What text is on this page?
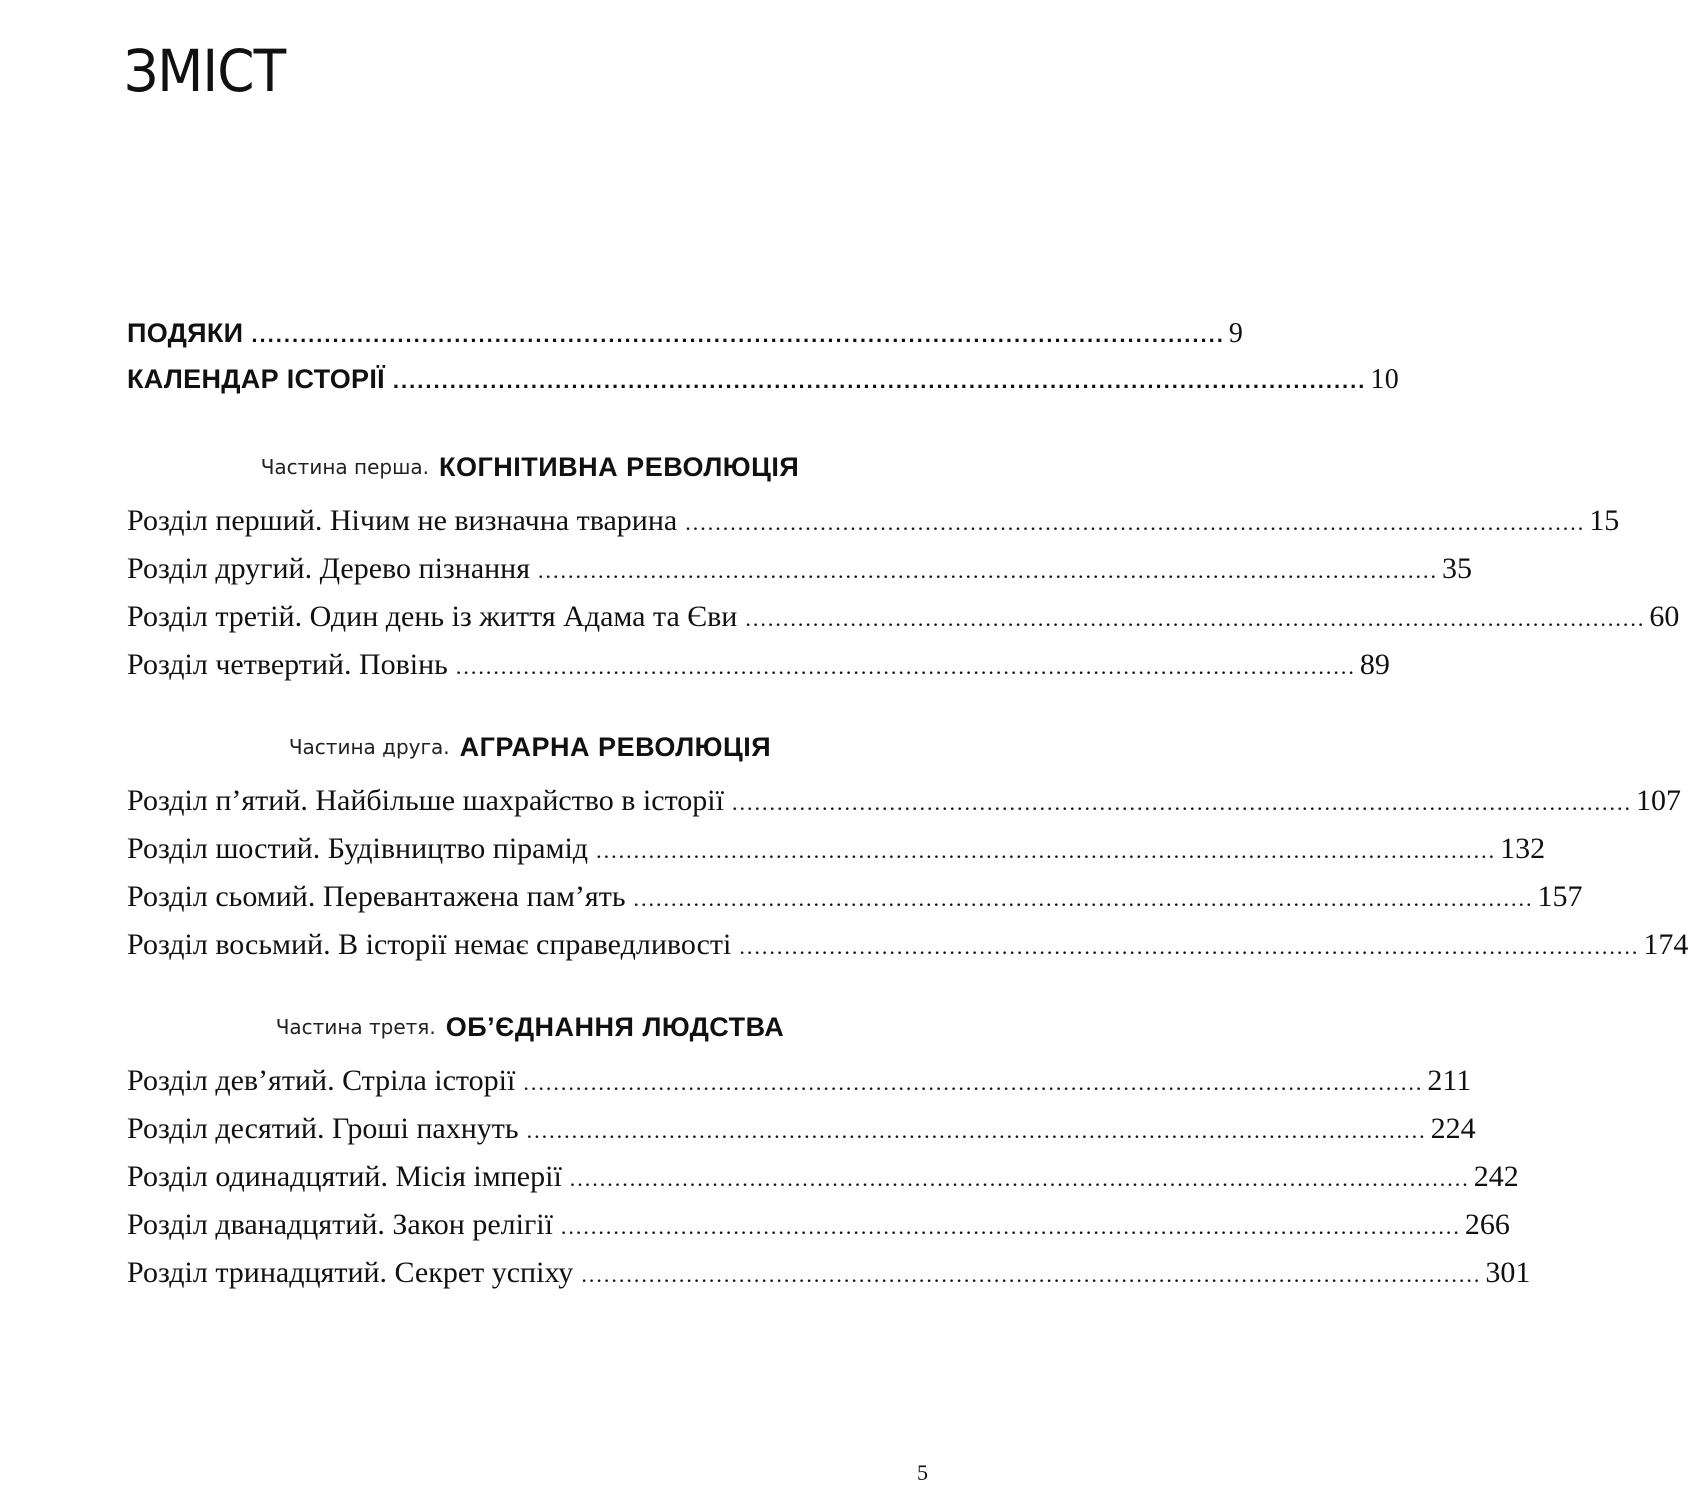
ЗМІСТ
ПОДЯКИ ........................................................................................................................ 9
КАЛЕНДАР ІСТОРІЇ ........................................................................................................................ 10
Частина перша. КОГНІТИВНА РЕВОЛЮЦІЯ
Розділ перший. Нічим не визначна тварина ........................................................................................................................ 15
Розділ другий. Дерево пізнання ........................................................................................................................ 35
Розділ третій. Один день із життя Адама та Єви ........................................................................................................................ 60
Розділ четвертий. Повінь ........................................................................................................................ 89
Частина друга. АГРАРНА РЕВОЛЮЦІЯ
Розділ п’ятий. Найбільше шахрайство в історії ........................................................................................................................ 107
Розділ шостий. Будівництво пірамід ........................................................................................................................ 132
Розділ сьомий. Перевантажена пам’ять ........................................................................................................................ 157
Розділ восьмий. В історії немає справедливості ........................................................................................................................ 174
Частина третя. ОБ’ЄДНАННЯ ЛЮДСТВА
Розділ дев’ятий. Стріла історії ........................................................................................................................ 211
Розділ десятий. Гроші пахнуть ........................................................................................................................ 224
Розділ одинадцятий. Місія імперії ........................................................................................................................ 242
Розділ дванадцятий. Закон релігії ........................................................................................................................ 266
Розділ тринадцятий. Секрет успіху ........................................................................................................................ 301
5
